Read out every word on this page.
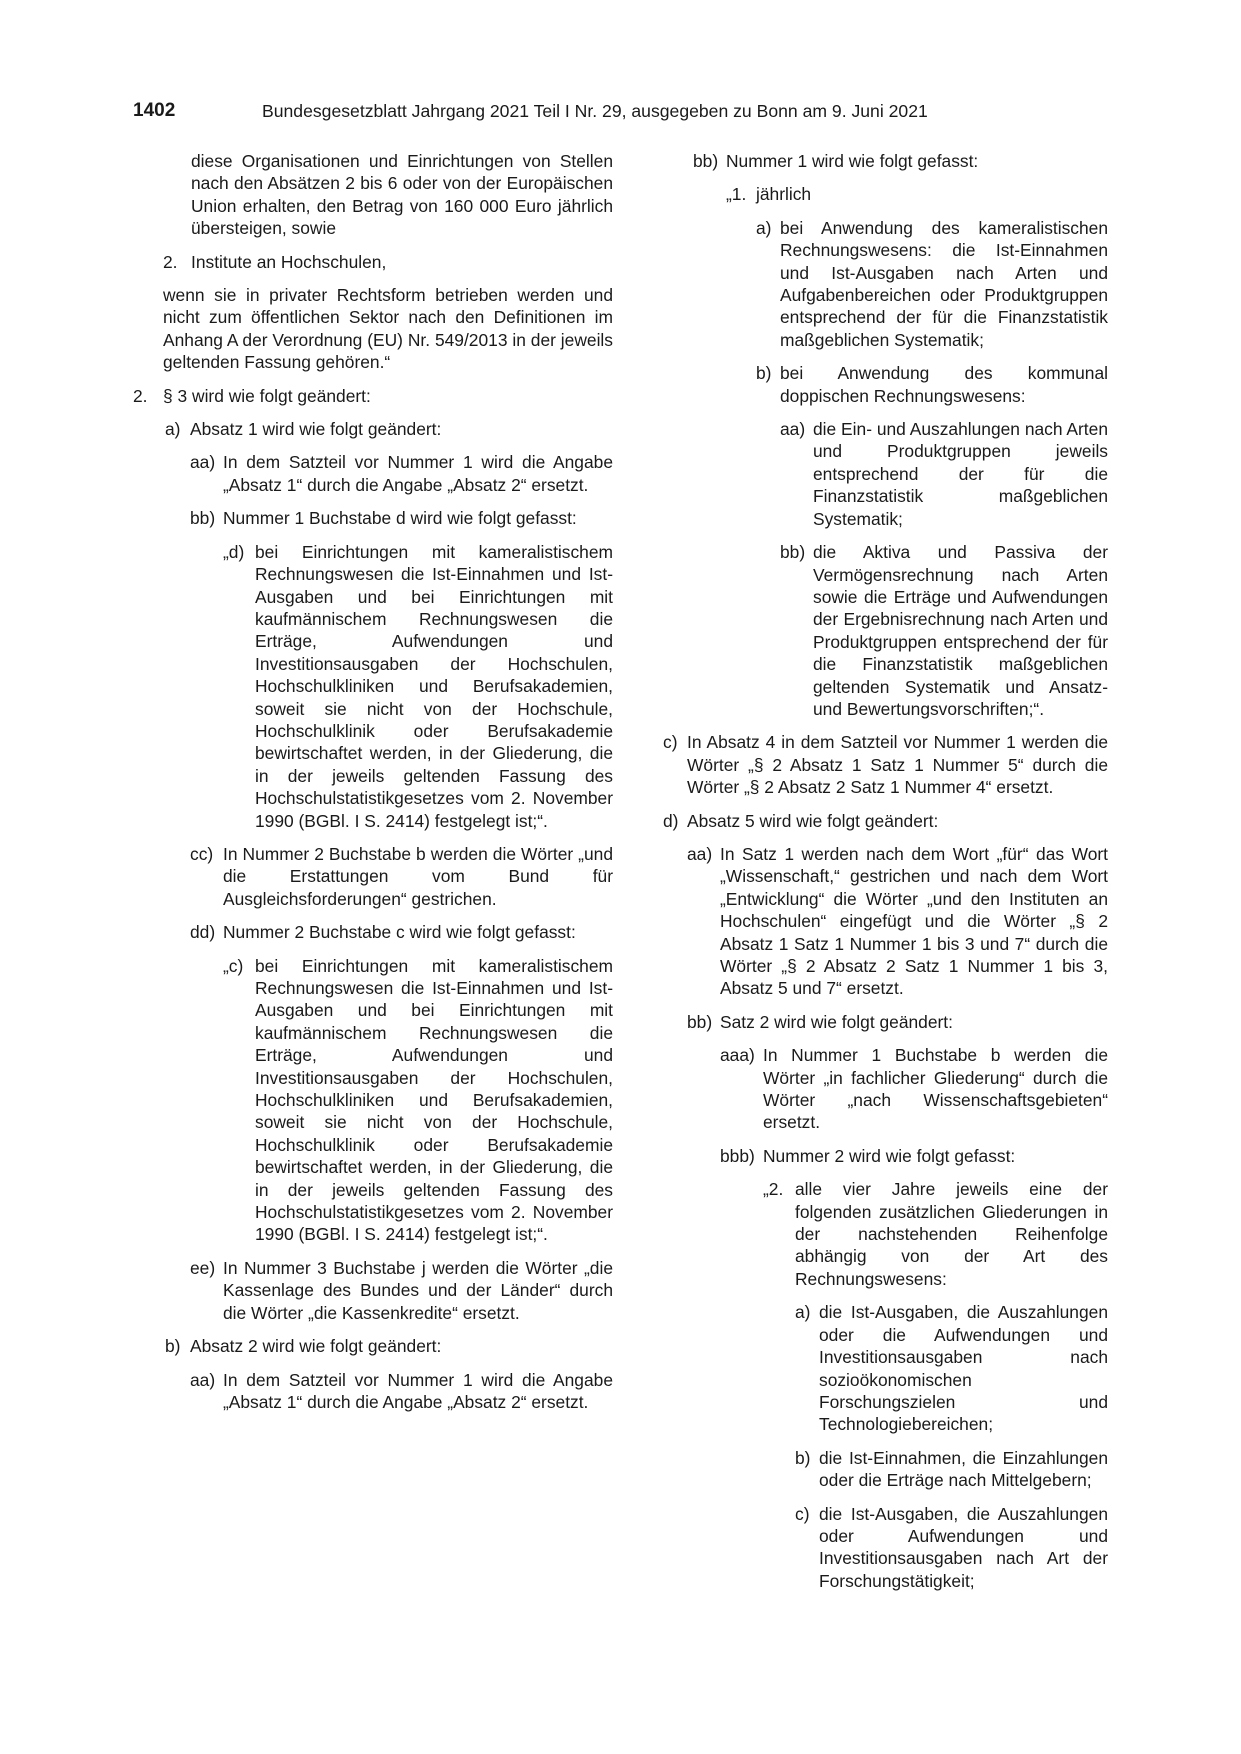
1402	Bundesgesetzblatt Jahrgang 2021 Teil I Nr. 29, ausgegeben zu Bonn am 9. Juni 2021
diese Organisationen und Einrichtungen von Stellen nach den Absätzen 2 bis 6 oder von der Europäischen Union erhalten, den Betrag von 160 000 Euro jährlich übersteigen, sowie
2. Institute an Hochschulen,
wenn sie in privater Rechtsform betrieben werden und nicht zum öffentlichen Sektor nach den Definitionen im Anhang A der Verordnung (EU) Nr. 549/2013 in der jeweils geltenden Fassung gehören.“
2. § 3 wird wie folgt geändert:
a) Absatz 1 wird wie folgt geändert:
aa) In dem Satzteil vor Nummer 1 wird die Angabe „Absatz 1“ durch die Angabe „Absatz 2“ ersetzt.
bb) Nummer 1 Buchstabe d wird wie folgt gefasst:
„d) bei Einrichtungen mit kameralistischem Rechnungswesen die Ist-Einnahmen und Ist-Ausgaben und bei Einrichtungen mit kaufmännischem Rechnungswesen die Erträge, Aufwendungen und Investitionsausgaben der Hochschulen, Hochschulkliniken und Berufsakademien, soweit sie nicht von der Hochschule, Hochschulklinik oder Berufsakademie bewirtschaftet werden, in der Gliederung, die in der jeweils geltenden Fassung des Hochschulstatistikgesetzes vom 2. November 1990 (BGBl. I S. 2414) festgelegt ist;“.
cc) In Nummer 2 Buchstabe b werden die Wörter „und die Erstattungen vom Bund für Ausgleichsforderungen“ gestrichen.
dd) Nummer 2 Buchstabe c wird wie folgt gefasst:
„c) bei Einrichtungen mit kameralistischem Rechnungswesen die Ist-Einnahmen und Ist-Ausgaben und bei Einrichtungen mit kaufmännischem Rechnungswesen die Erträge, Aufwendungen und Investitionsausgaben der Hochschulen, Hochschulkliniken und Berufsakademien, soweit sie nicht von der Hochschule, Hochschulklinik oder Berufsakademie bewirtschaftet werden, in der Gliederung, die in der jeweils geltenden Fassung des Hochschulstatistikgesetzes vom 2. November 1990 (BGBl. I S. 2414) festgelegt ist;“.
ee) In Nummer 3 Buchstabe j werden die Wörter „die Kassenlage des Bundes und der Länder“ durch die Wörter „die Kassenkredite“ ersetzt.
b) Absatz 2 wird wie folgt geändert:
aa) In dem Satzteil vor Nummer 1 wird die Angabe „Absatz 1“ durch die Angabe „Absatz 2“ ersetzt.
bb) Nummer 1 wird wie folgt gefasst:
„1. jährlich
a) bei Anwendung des kameralistischen Rechnungswesens: die Ist-Einnahmen und Ist-Ausgaben nach Arten und Aufgabenbereichen oder Produktgruppen entsprechend der für die Finanzstatistik maßgeblichen Systematik;
b) bei Anwendung des kommunal doppischen Rechnungswesens:
aa) die Ein- und Auszahlungen nach Arten und Produktgruppen jeweils entsprechend der für die Finanzstatistik maßgeblichen Systematik;
bb) die Aktiva und Passiva der Vermögensrechnung nach Arten sowie die Erträge und Aufwendungen der Ergebnisrechnung nach Arten und Produktgruppen entsprechend der für die Finanzstatistik maßgeblichen geltenden Systematik und Ansatz- und Bewertungsvorschriften;“.
c) In Absatz 4 in dem Satzteil vor Nummer 1 werden die Wörter „§ 2 Absatz 1 Satz 1 Nummer 5“ durch die Wörter „§ 2 Absatz 2 Satz 1 Nummer 4“ ersetzt.
d) Absatz 5 wird wie folgt geändert:
aa) In Satz 1 werden nach dem Wort „für“ das Wort „Wissenschaft,“ gestrichen und nach dem Wort „Entwicklung“ die Wörter „und den Instituten an Hochschulen“ eingefügt und die Wörter „§ 2 Absatz 1 Satz 1 Nummer 1 bis 3 und 7“ durch die Wörter „§ 2 Absatz 2 Satz 1 Nummer 1 bis 3, Absatz 5 und 7“ ersetzt.
bb) Satz 2 wird wie folgt geändert:
aaa) In Nummer 1 Buchstabe b werden die Wörter „in fachlicher Gliederung“ durch die Wörter „nach Wissenschaftsgebieten“ ersetzt.
bbb) Nummer 2 wird wie folgt gefasst:
„2. alle vier Jahre jeweils eine der folgenden zusätzlichen Gliederungen in der nachstehenden Reihenfolge abhängig von der Art des Rechnungswesens:
a) die Ist-Ausgaben, die Auszahlungen oder die Aufwendungen und Investitionsausgaben nach sozioökonomischen Forschungszielen und Technologiebereichen;
b) die Ist-Einnahmen, die Einzahlungen oder die Erträge nach Mittelgebern;
c) die Ist-Ausgaben, die Auszahlungen oder Aufwendungen und Investitionsausgaben nach Art der Forschungstätigkeit;
